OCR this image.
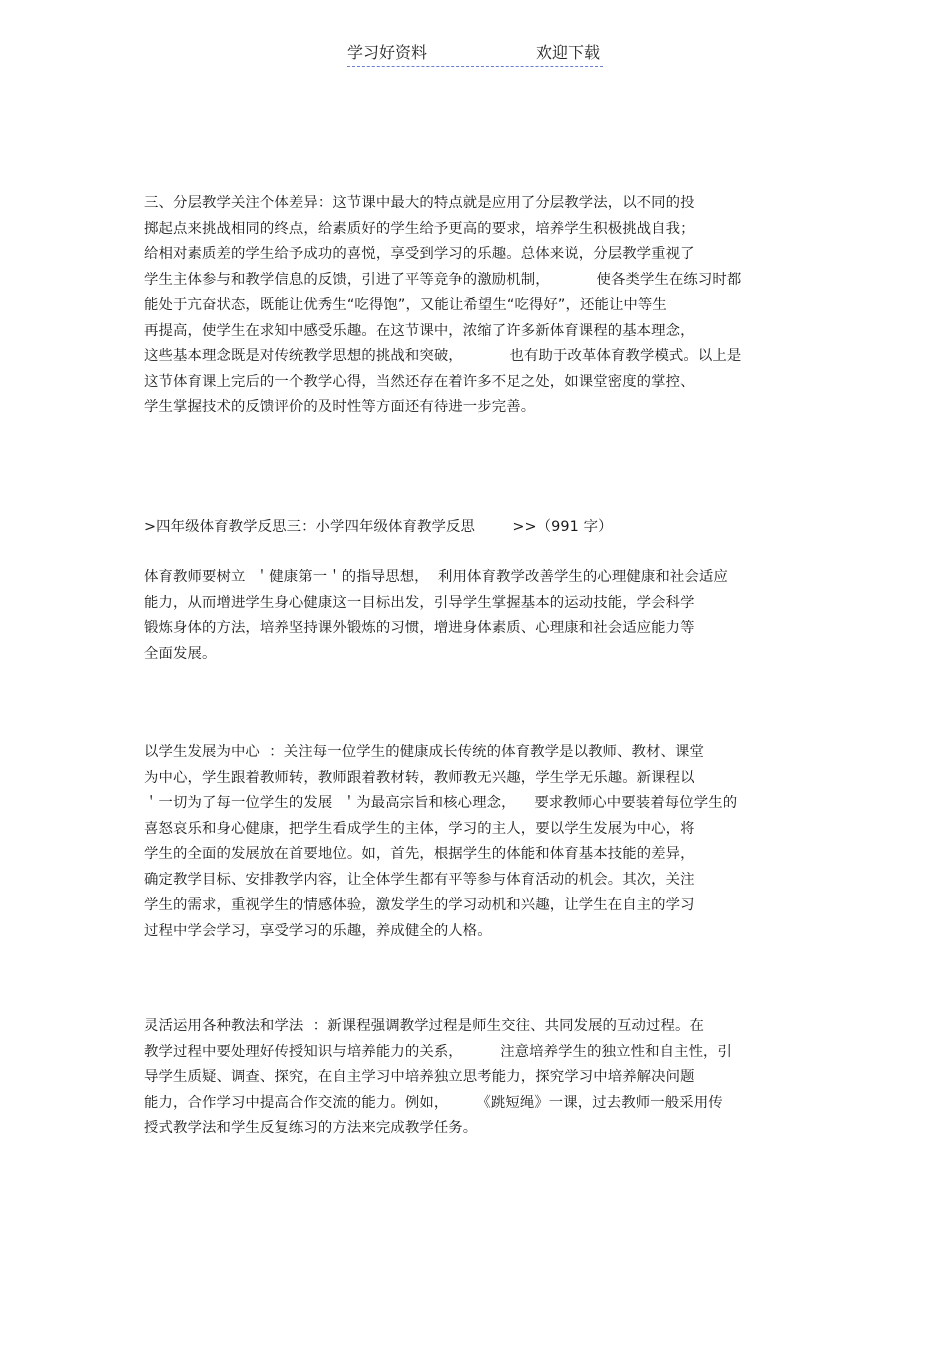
学习好资料	欢迎下载
三、分层教学关注个体差异：这节课中最大的特点就是应用了分层教学法，以不同的投
掷起点来挑战相同的终点，给素质好的学生给予更高的要求，培养学生积极挑战自我；
给相对素质差的学生给予成功的喜悦，享受到学习的乐趣。总体来说，分层教学重视了
学生主体参与和教学信息的反馈，引进了平等竞争的激励机制，          使各类学生在练习时都
能处于亢奋状态，既能让优秀生“吃得饱”，又能让希望生“吃得好”，还能让中等生
再提高，使学生在求知中感受乐趣。在这节课中，浓缩了许多新体育课程的基本理念，
这些基本理念既是对传统教学思想的挑战和突破，          也有助于改革体育教学模式。以上是
这节体育课上完后的一个教学心得，当然还存在着许多不足之处，如课堂密度的掌控、
学生掌握技术的反馈评价的及时性等方面还有待进一步完善。
>四年级体育教学反思三：小学四年级体育教学反思        >>（991 字）
体育教师要树立  ＇健康第一＇的指导思想，  利用体育教学改善学生的心理健康和社会适应
能力，从而增进学生身心健康这一目标出发，引导学生掌握基本的运动技能，学会科学
锻炼身体的方法，培养坚持课外锻炼的习惯，增进身体素质、心理康和社会适应能力等
全面发展。
以学生发展为中心  ：关注每一位学生的健康成长传统的体育教学是以教师、教材、课堂
为中心，学生跟着教师转，教师跟着教材转，教师教无兴趣，学生学无乐趣。新课程以
＇一切为了每一位学生的发展  ＇为最高宗旨和核心理念，    要求教师心中要装着每位学生的
喜怒哀乐和身心健康，把学生看成学生的主体，学习的主人，要以学生发展为中心，将
学生的全面的发展放在首要地位。如，首先，根据学生的体能和体育基本技能的差异，
确定教学目标、安排教学内容，让全体学生都有平等参与体育活动的机会。其次，关注
学生的需求，重视学生的情感体验，激发学生的学习动机和兴趣，让学生在自主的学习
过程中学会学习，享受学习的乐趣，养成健全的人格。
灵活运用各种教法和学法  ：新课程强调教学过程是师生交往、共同发展的互动过程。在
教学过程中要处理好传授知识与培养能力的关系，        注意培养学生的独立性和自主性，引
导学生质疑、调查、探究，在自主学习中培养独立思考能力，探究学习中培养解决问题
能力，合作学习中提高合作交流的能力。例如，      《跳短绳》一课，过去教师一般采用传
授式教学法和学生反复练习的方法来完成教学任务。
